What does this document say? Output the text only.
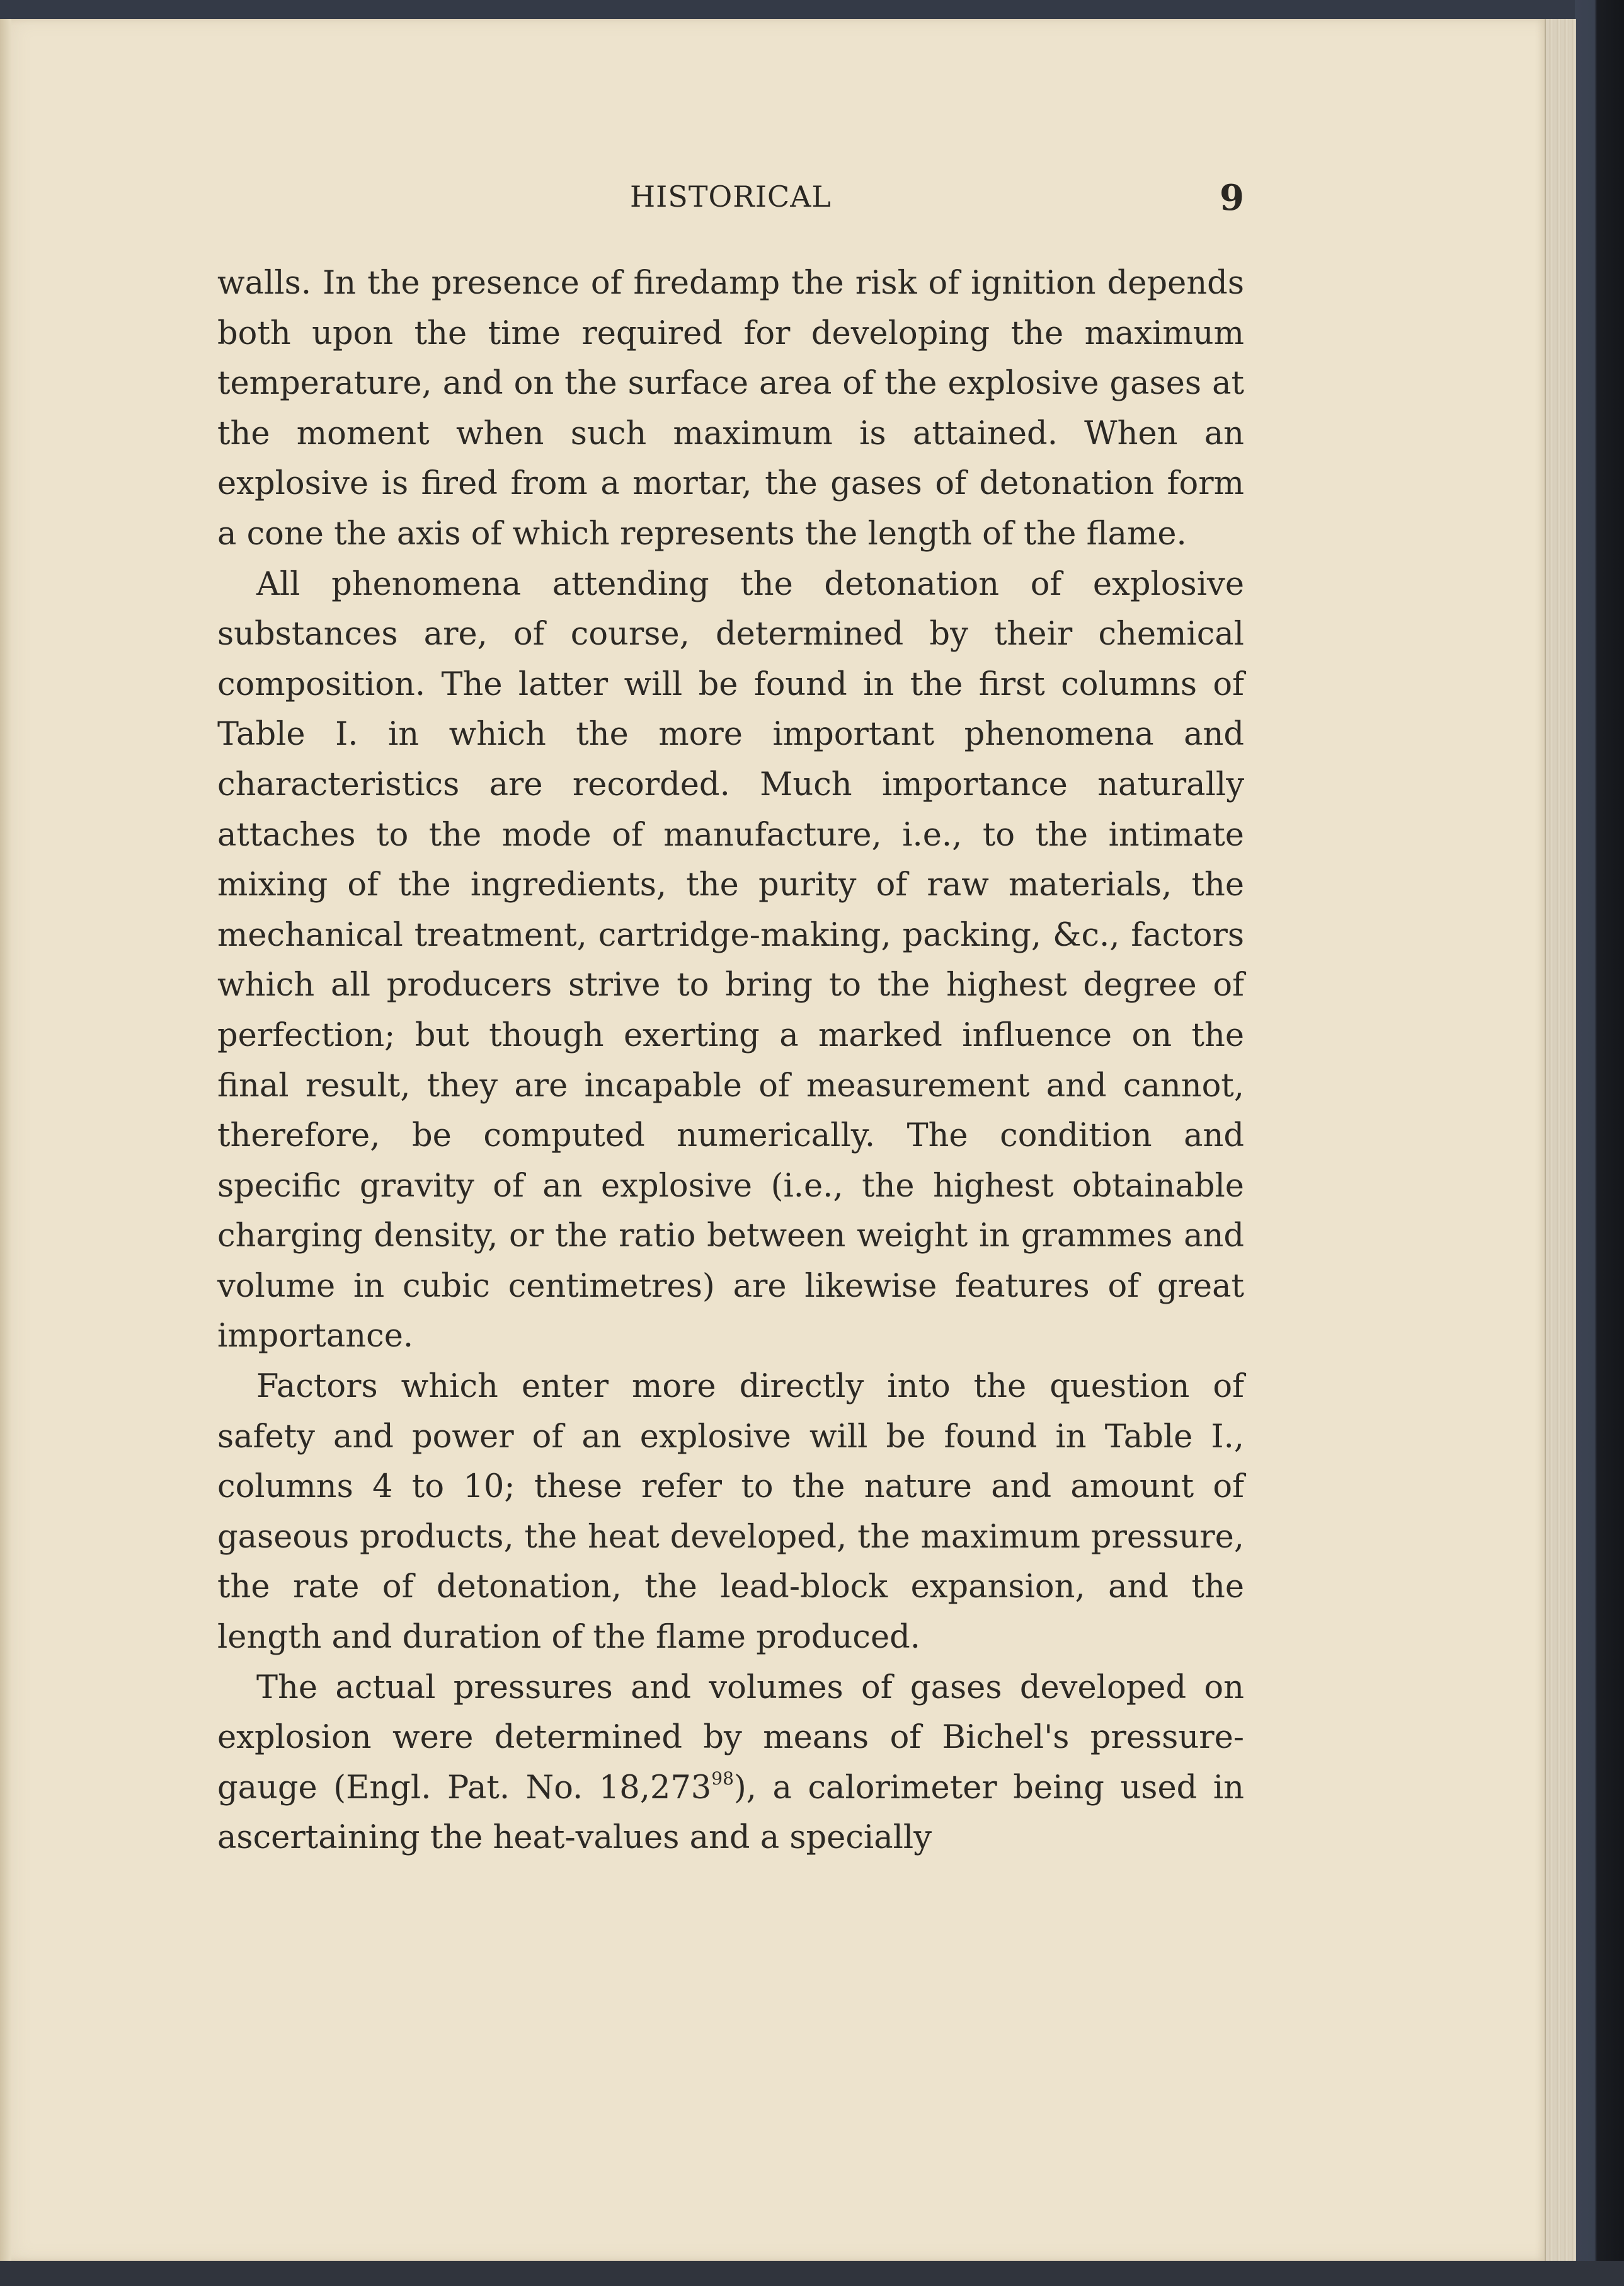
HISTORICAL	9

walls. In the presence of firedamp the risk of ignition depends both upon the time required for developing the maximum temperature, and on the surface area of the explosive gases at the moment when such maximum is attained. When an explosive is fired from a mortar, the gases of detonation form a cone the axis of which represents the length of the flame.

All phenomena attending the detonation of explosive substances are, of course, determined by their chemical composition. The latter will be found in the first columns of Table I. in which the more important phenomena and characteristics are recorded. Much importance naturally attaches to the mode of manufacture, i.e., to the intimate mixing of the ingredients, the purity of raw materials, the mechanical treatment, cartridge-making, packing, &c., factors which all producers strive to bring to the highest degree of perfection; but though exerting a marked influence on the final result, they are incapable of measurement and cannot, therefore, be computed numerically. The condition and specific gravity of an explosive (i.e., the highest obtainable charging density, or the ratio between weight in grammes and volume in cubic centimetres) are likewise features of great importance.

Factors which enter more directly into the question of safety and power of an explosive will be found in Table I., columns 4 to 10; these refer to the nature and amount of gaseous products, the heat developed, the maximum pressure, the rate of detonation, the lead-block expansion, and the length and duration of the flame produced.

The actual pressures and volumes of gases developed on explosion were determined by means of Bichel's pressure-gauge (Engl. Pat. No. 18,273$^{98}$), a calorimeter being used in ascertaining the heat-values and a specially
